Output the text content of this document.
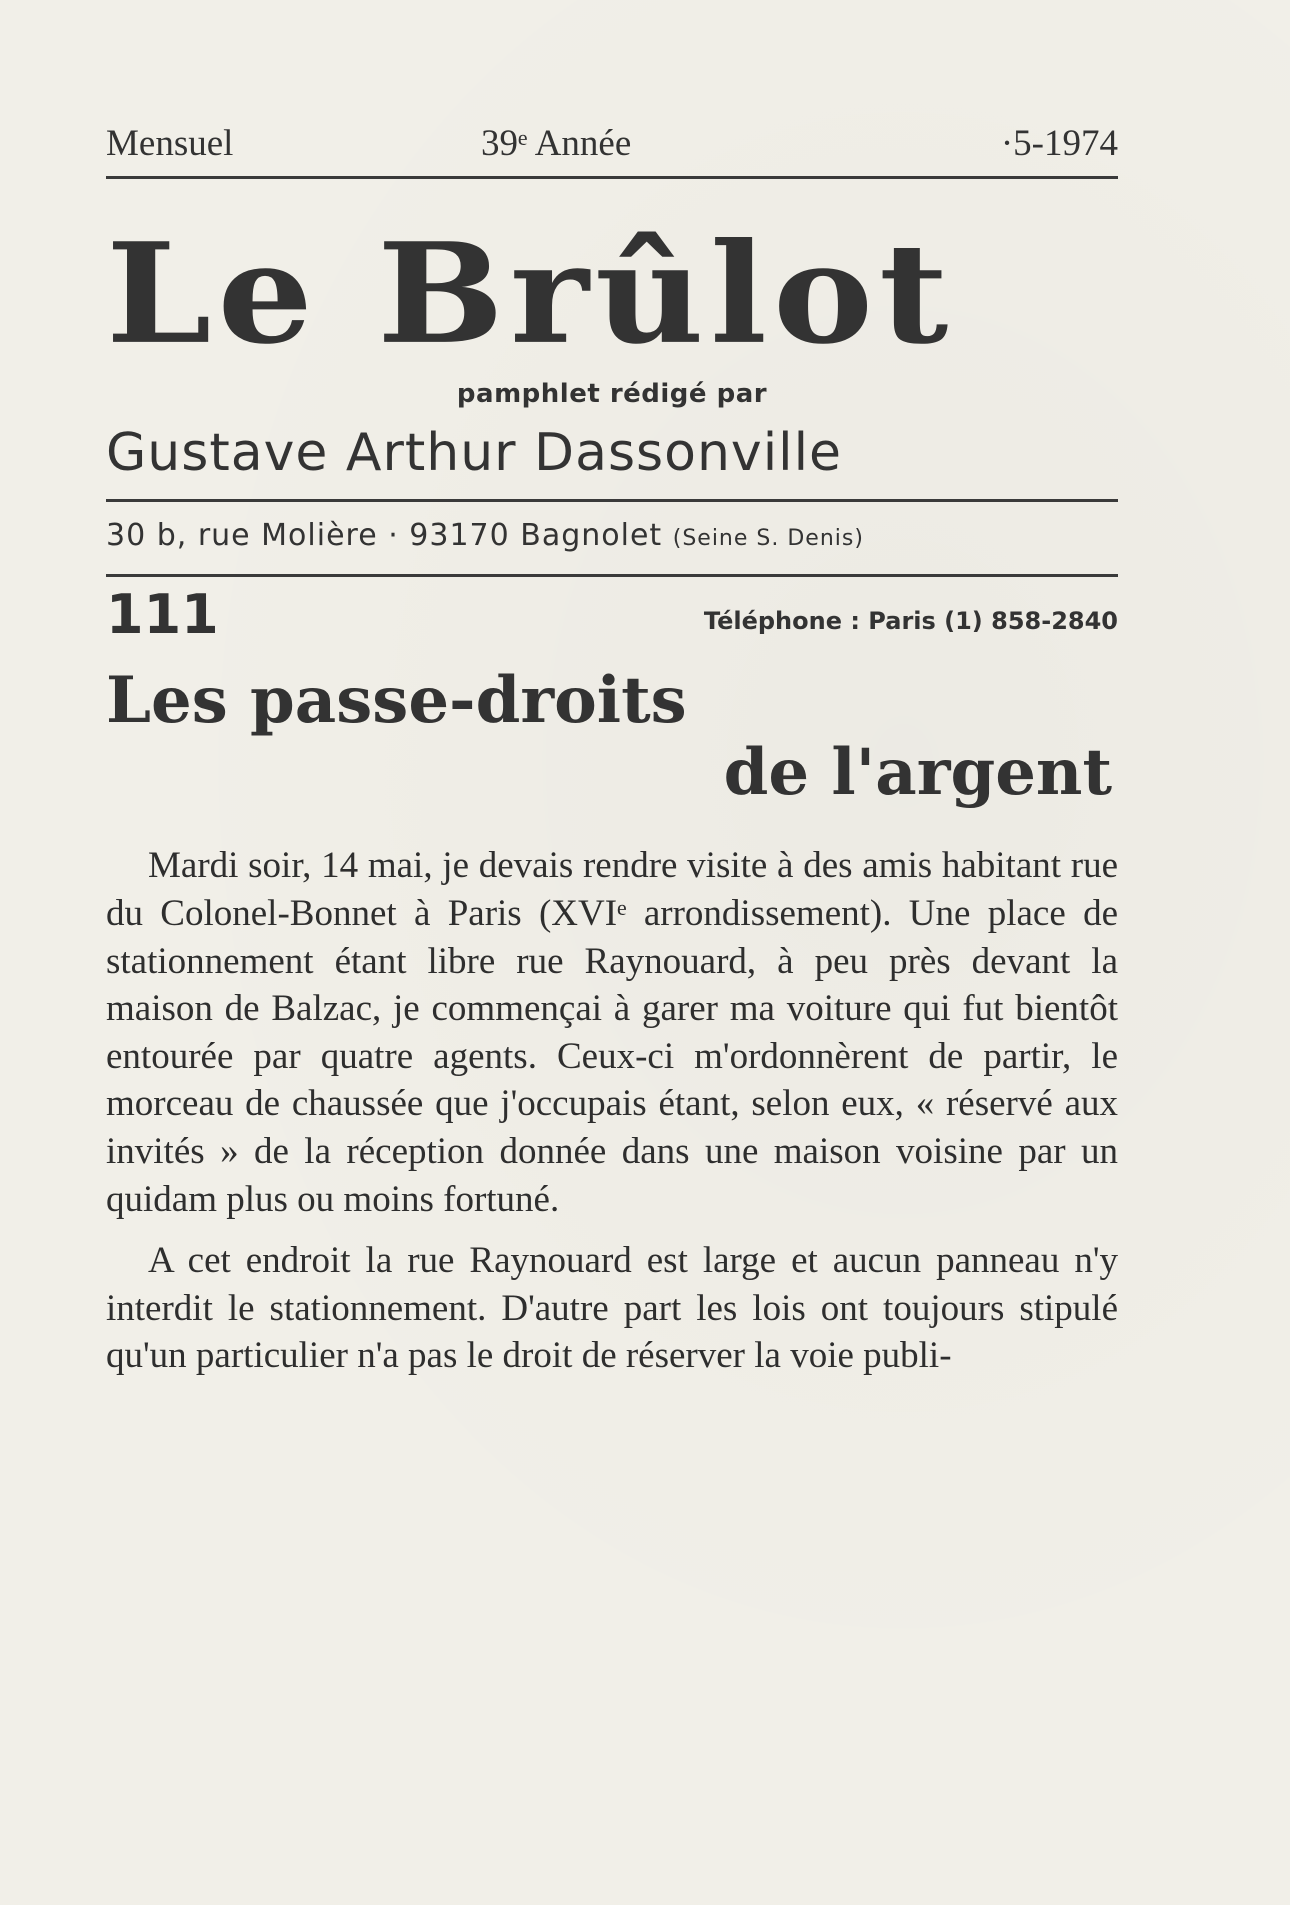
Mensuel	39ᵉ Année	·5-1974
Le Brûlot
pamphlet rédigé par
Gustave Arthur Dassonville
30 b, rue Molière · 93170 Bagnolet (Seine S. Denis)
111	Téléphone : Paris (1) 858-2840
Les passe-droits
de l'argent

Mardi soir, 14 mai, je devais rendre visite à des amis habitant rue du Colonel-Bonnet à Paris (XVIᵉ arrondissement). Une place de stationnement étant libre rue Raynouard, à peu près devant la maison de Balzac, je commençai à garer ma voiture qui fut bientôt entourée par quatre agents. Ceux-ci m'ordonnèrent de partir, le morceau de chaussée que j'occupais étant, selon eux, « réservé aux invités » de la réception donnée dans une maison voisine par un quidam plus ou moins fortuné.

A cet endroit la rue Raynouard est large et aucun panneau n'y interdit le stationnement. D'autre part les lois ont toujours stipulé qu'un particulier n'a pas le droit de réserver la voie publi-
